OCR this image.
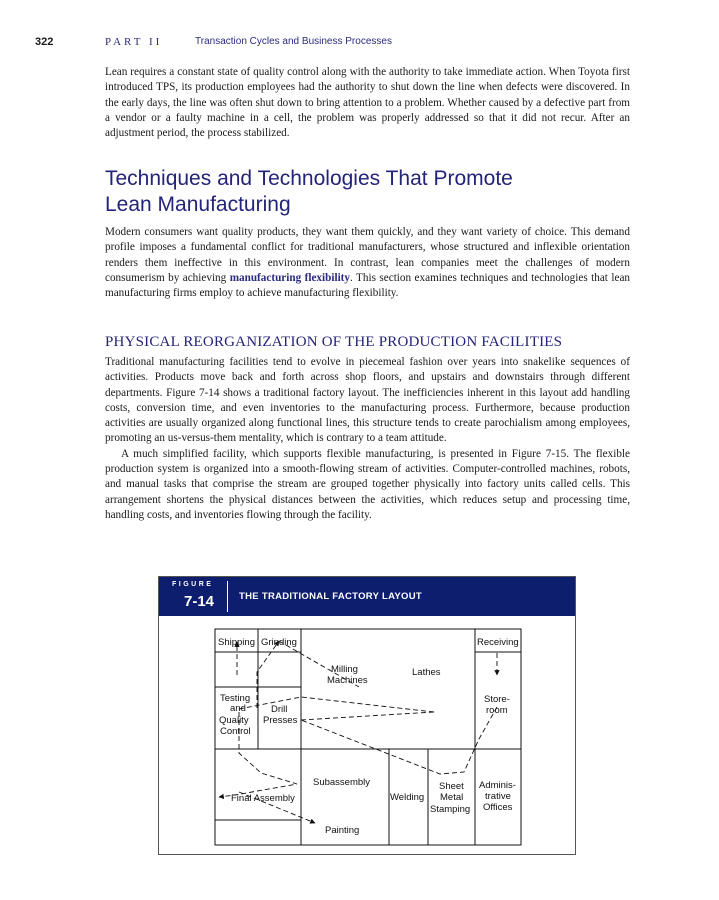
322	PART II	Transaction Cycles and Business Processes

Lean requires a constant state of quality control along with the authority to take immediate action. When Toyota first introduced TPS, its production employees had the authority to shut down the line when defects were discovered. In the early days, the line was often shut down to bring attention to a problem. Whether caused by a defective part from a vendor or a faulty machine in a cell, the problem was properly addressed so that it did not recur. After an adjustment period, the process stabilized.

Techniques and Technologies That Promote
Lean Manufacturing

Modern consumers want quality products, they want them quickly, and they want variety of choice. This demand profile imposes a fundamental conflict for traditional manufacturers, whose structured and inflexible orientation renders them ineffective in this environment. In contrast, lean companies meet the challenges of modern consumerism by achieving manufacturing flexibility. This section examines techniques and technologies that lean manufacturing firms employ to achieve manufacturing flexibility.

PHYSICAL REORGANIZATION OF THE PRODUCTION FACILITIES

Traditional manufacturing facilities tend to evolve in piecemeal fashion over years into snakelike sequences of activities. Products move back and forth across shop floors, and upstairs and downstairs through different departments. Figure 7-14 shows a traditional factory layout. The inefficiencies inherent in this layout add handling costs, conversion time, and even inventories to the manufacturing process. Furthermore, because production activities are usually organized along functional lines, this structure tends to create parochialism among employees, promoting an us-versus-them mentality, which is contrary to a team attitude.

A much simplified facility, which supports flexible manufacturing, is presented in Figure 7-15. The flexible production system is organized into a smooth-flowing stream of activities. Computer-controlled machines, robots, and manual tasks that comprise the stream are grouped together physically into factory units called cells. This arrangement shortens the physical distances between the activities, which reduces setup and processing time, handling costs, and inventories flowing through the facility.

FIGURE
7-14	THE TRADITIONAL FACTORY LAYOUT
Shipping Grinding
Milling
Machines
Lathes
Receiving
Testing
and
Quality
Control
Drill
Presses
Store-
room
Subassembly
Final Assembly	Welding
Sheet
Metal
Stamping
Adminis-
trative
Offices
Painting
